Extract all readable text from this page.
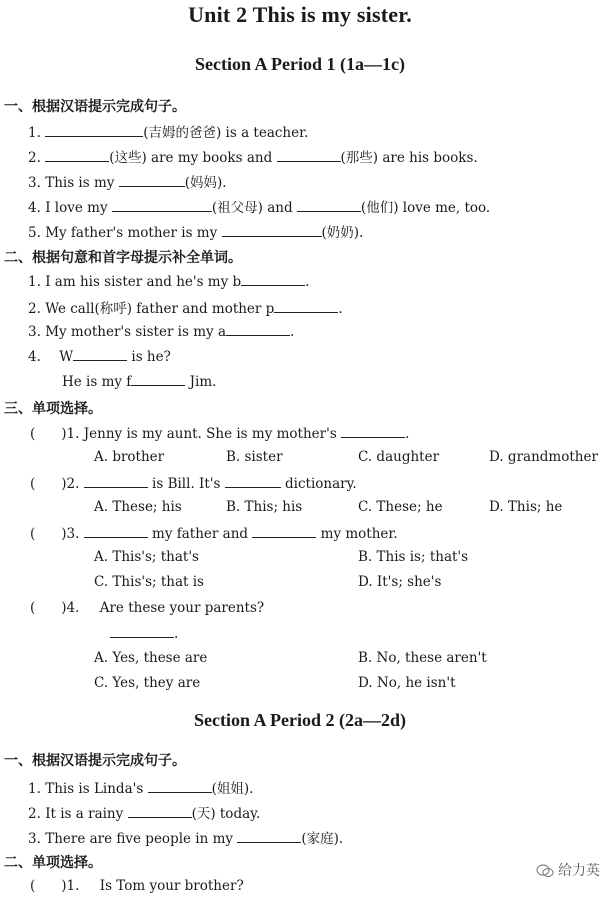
Unit 2 This is my sister.
Section A Period 1 (1a—1c)
一、根据汉语提示完成句子。
1.	(吉姆的爸爸) is a teacher.
2.	(这些) are my books and	(那些) are his books.
3. This is my	(妈妈).
4. I love my	(祖父母) and	(他们) love me, too.
5. My father's mother is my	(奶奶).
二、根据句意和首字母提示补全单词。
1. I am his sister and he's my b	.
2. We call(称呼) father and mother p	.
3. My mother's sister is my a	.
4. W	is he?
He is my f	Jim.
三、单项选择。
( )1. Jenny is my aunt. She is my mother's	.
A. brother	B. sister	C. daughter	D. grandmother
( )2.	is Bill. It's	dictionary.
A. These; his	B. This; his	C. These; he	D. This; he
( )3.	my father and	my mother.
A. This's; that's	B. This is; that's
C. This's; that is	D. It's; she's
( )4. Are these your parents?
.
A. Yes, these are	B. No, these aren't
C. Yes, they are	D. No, he isn't
Section A Period 2 (2a—2d)
一、根据汉语提示完成句子。
1. This is Linda's	(姐姐).
2. It is a rainy	(天) today.
3. There are five people in my	(家庭).
二、单项选择。
( )1. Is Tom your brother?
给力英
